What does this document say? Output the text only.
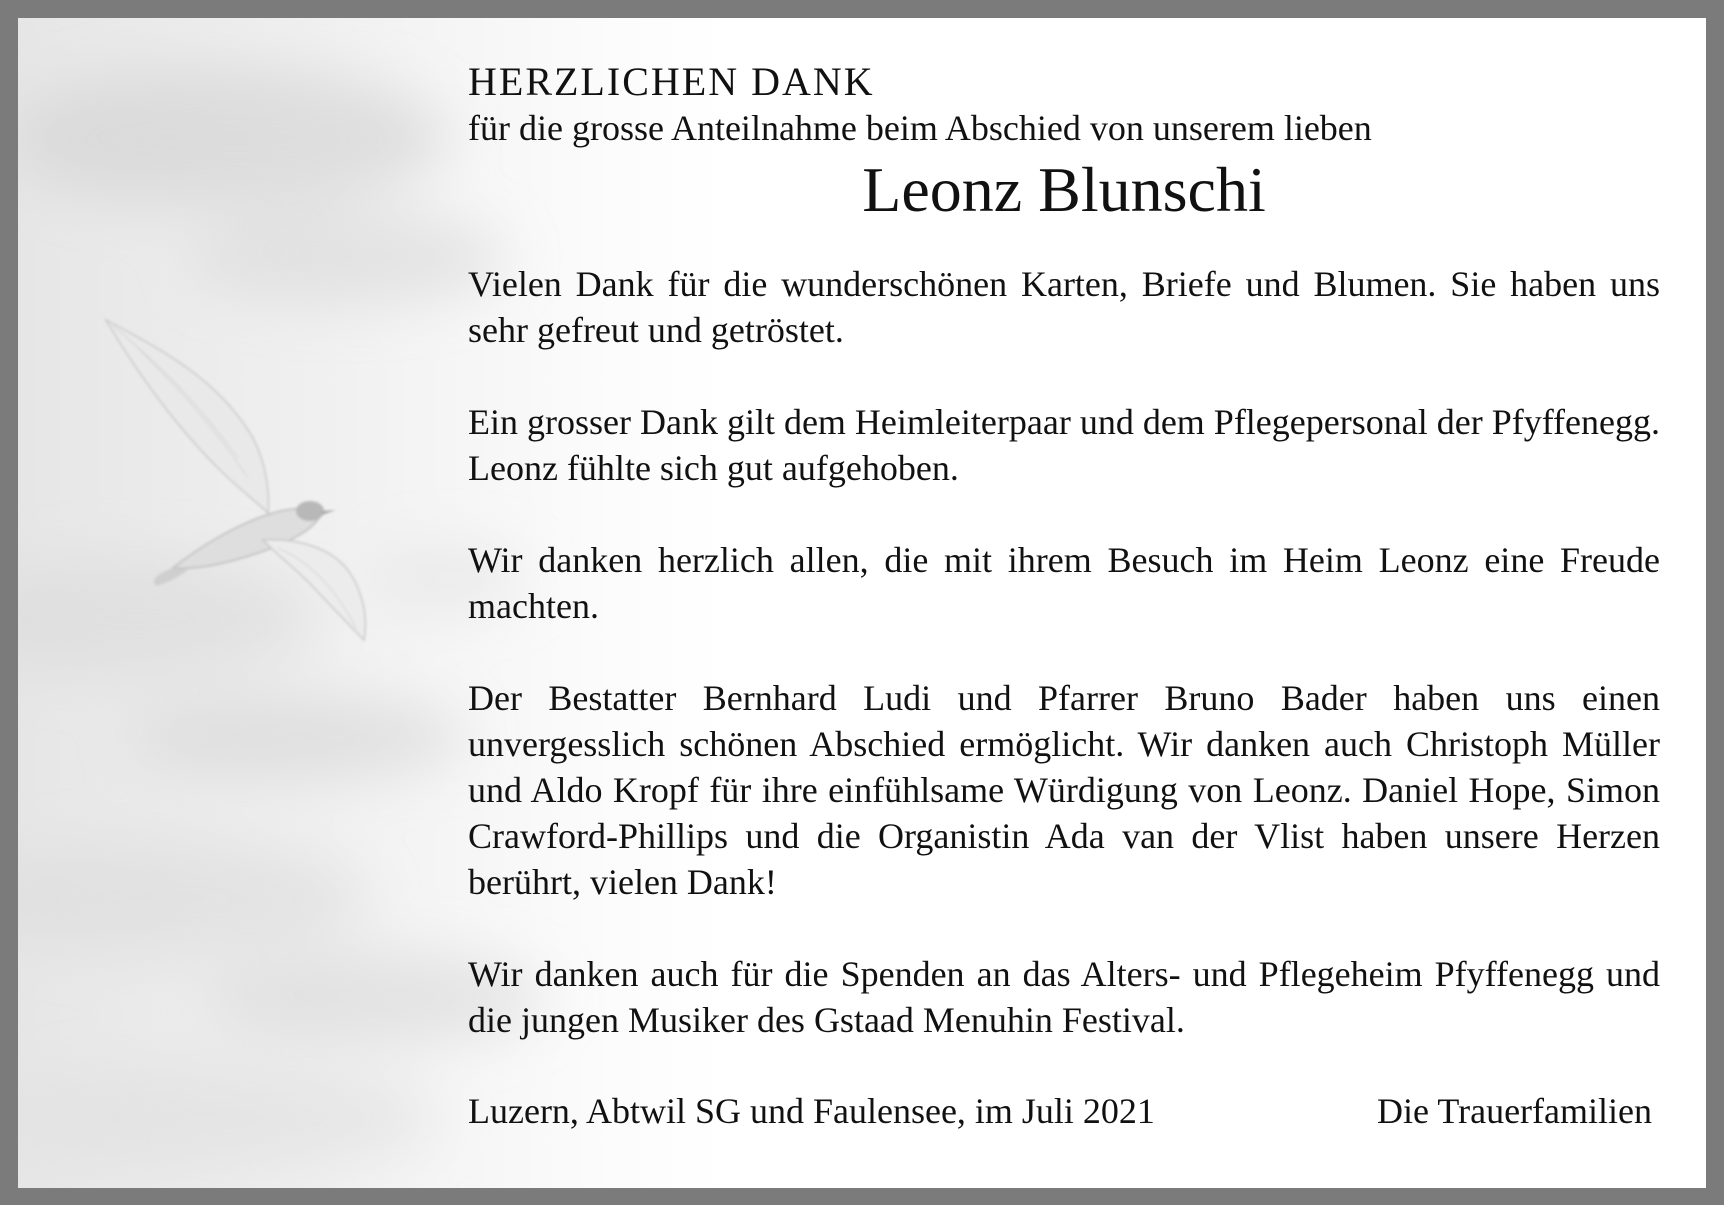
HERZLICHEN DANK

für die grosse Anteilnahme beim Abschied von unserem lieben

Leonz Blunschi

Vielen Dank für die wunderschönen Karten, Briefe und Blumen. Sie haben uns sehr gefreut und getröstet.

Ein grosser Dank gilt dem Heimleiterpaar und dem Pflegepersonal der Pfyffenegg. Leonz fühlte sich gut aufgehoben.

Wir danken herzlich allen, die mit ihrem Besuch im Heim Leonz eine Freude machten.

Der Bestatter Bernhard Ludi und Pfarrer Bruno Bader haben uns einen unvergesslich schönen Abschied ermöglicht. Wir danken auch Christoph Müller und Aldo Kropf für ihre einfühlsame Würdigung von Leonz. Daniel Hope, Simon Crawford-Phillips und die Organistin Ada van der Vlist haben unsere Herzen berührt, vielen Dank!

Wir danken auch für die Spenden an das Alters- und Pflegeheim Pfyffenegg und die jungen Musiker des Gstaad Menuhin Festival.

Luzern, Abtwil SG und Faulensee, im Juli 2021	Die Trauerfamilien
